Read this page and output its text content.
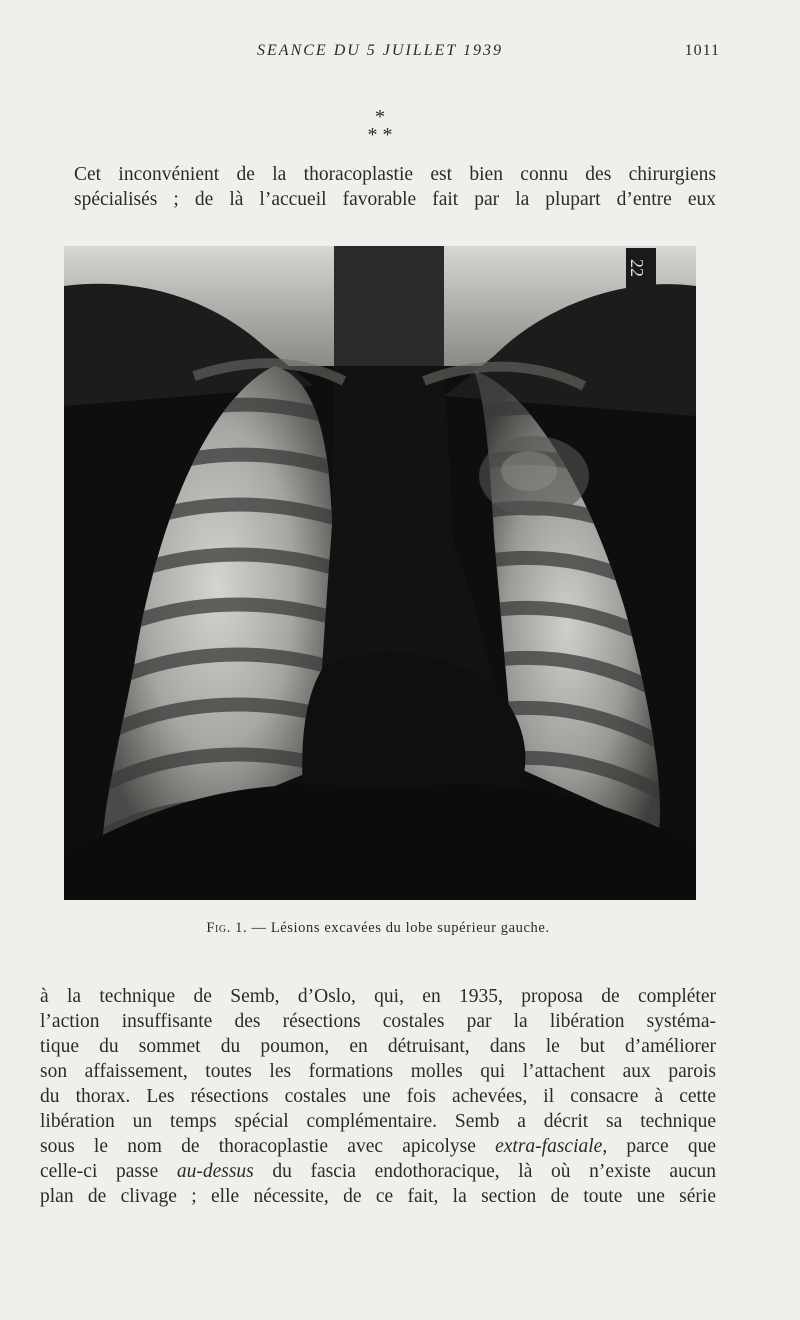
SEANCE DU 5 JUILLET 1939	1011
*
* *
Cet inconvénient de la thoracoplastie est bien connu des chirurgiens
spécialisés ; de là l’accueil favorable fait par la plupart d’entre eux
22
Fig. 1. — Lésions excavées du lobe supérieur gauche.
à la technique de Semb, d’Oslo, qui, en 1935, proposa de compléter
l’action insuffisante des résections costales par la libération systéma-
tique du sommet du poumon, en détruisant, dans le but d’améliorer
son affaissement, toutes les formations molles qui l’attachent aux parois
du thorax. Les résections costales une fois achevées, il consacre à cette
libération un temps spécial complémentaire. Semb a décrit sa technique
sous le nom de thoracoplastie avec apicolyse extra-fasciale, parce que
celle-ci passe au-dessus du fascia endothoracique, là où n’existe aucun
plan de clivage ; elle nécessite, de ce fait, la section de toute une série
